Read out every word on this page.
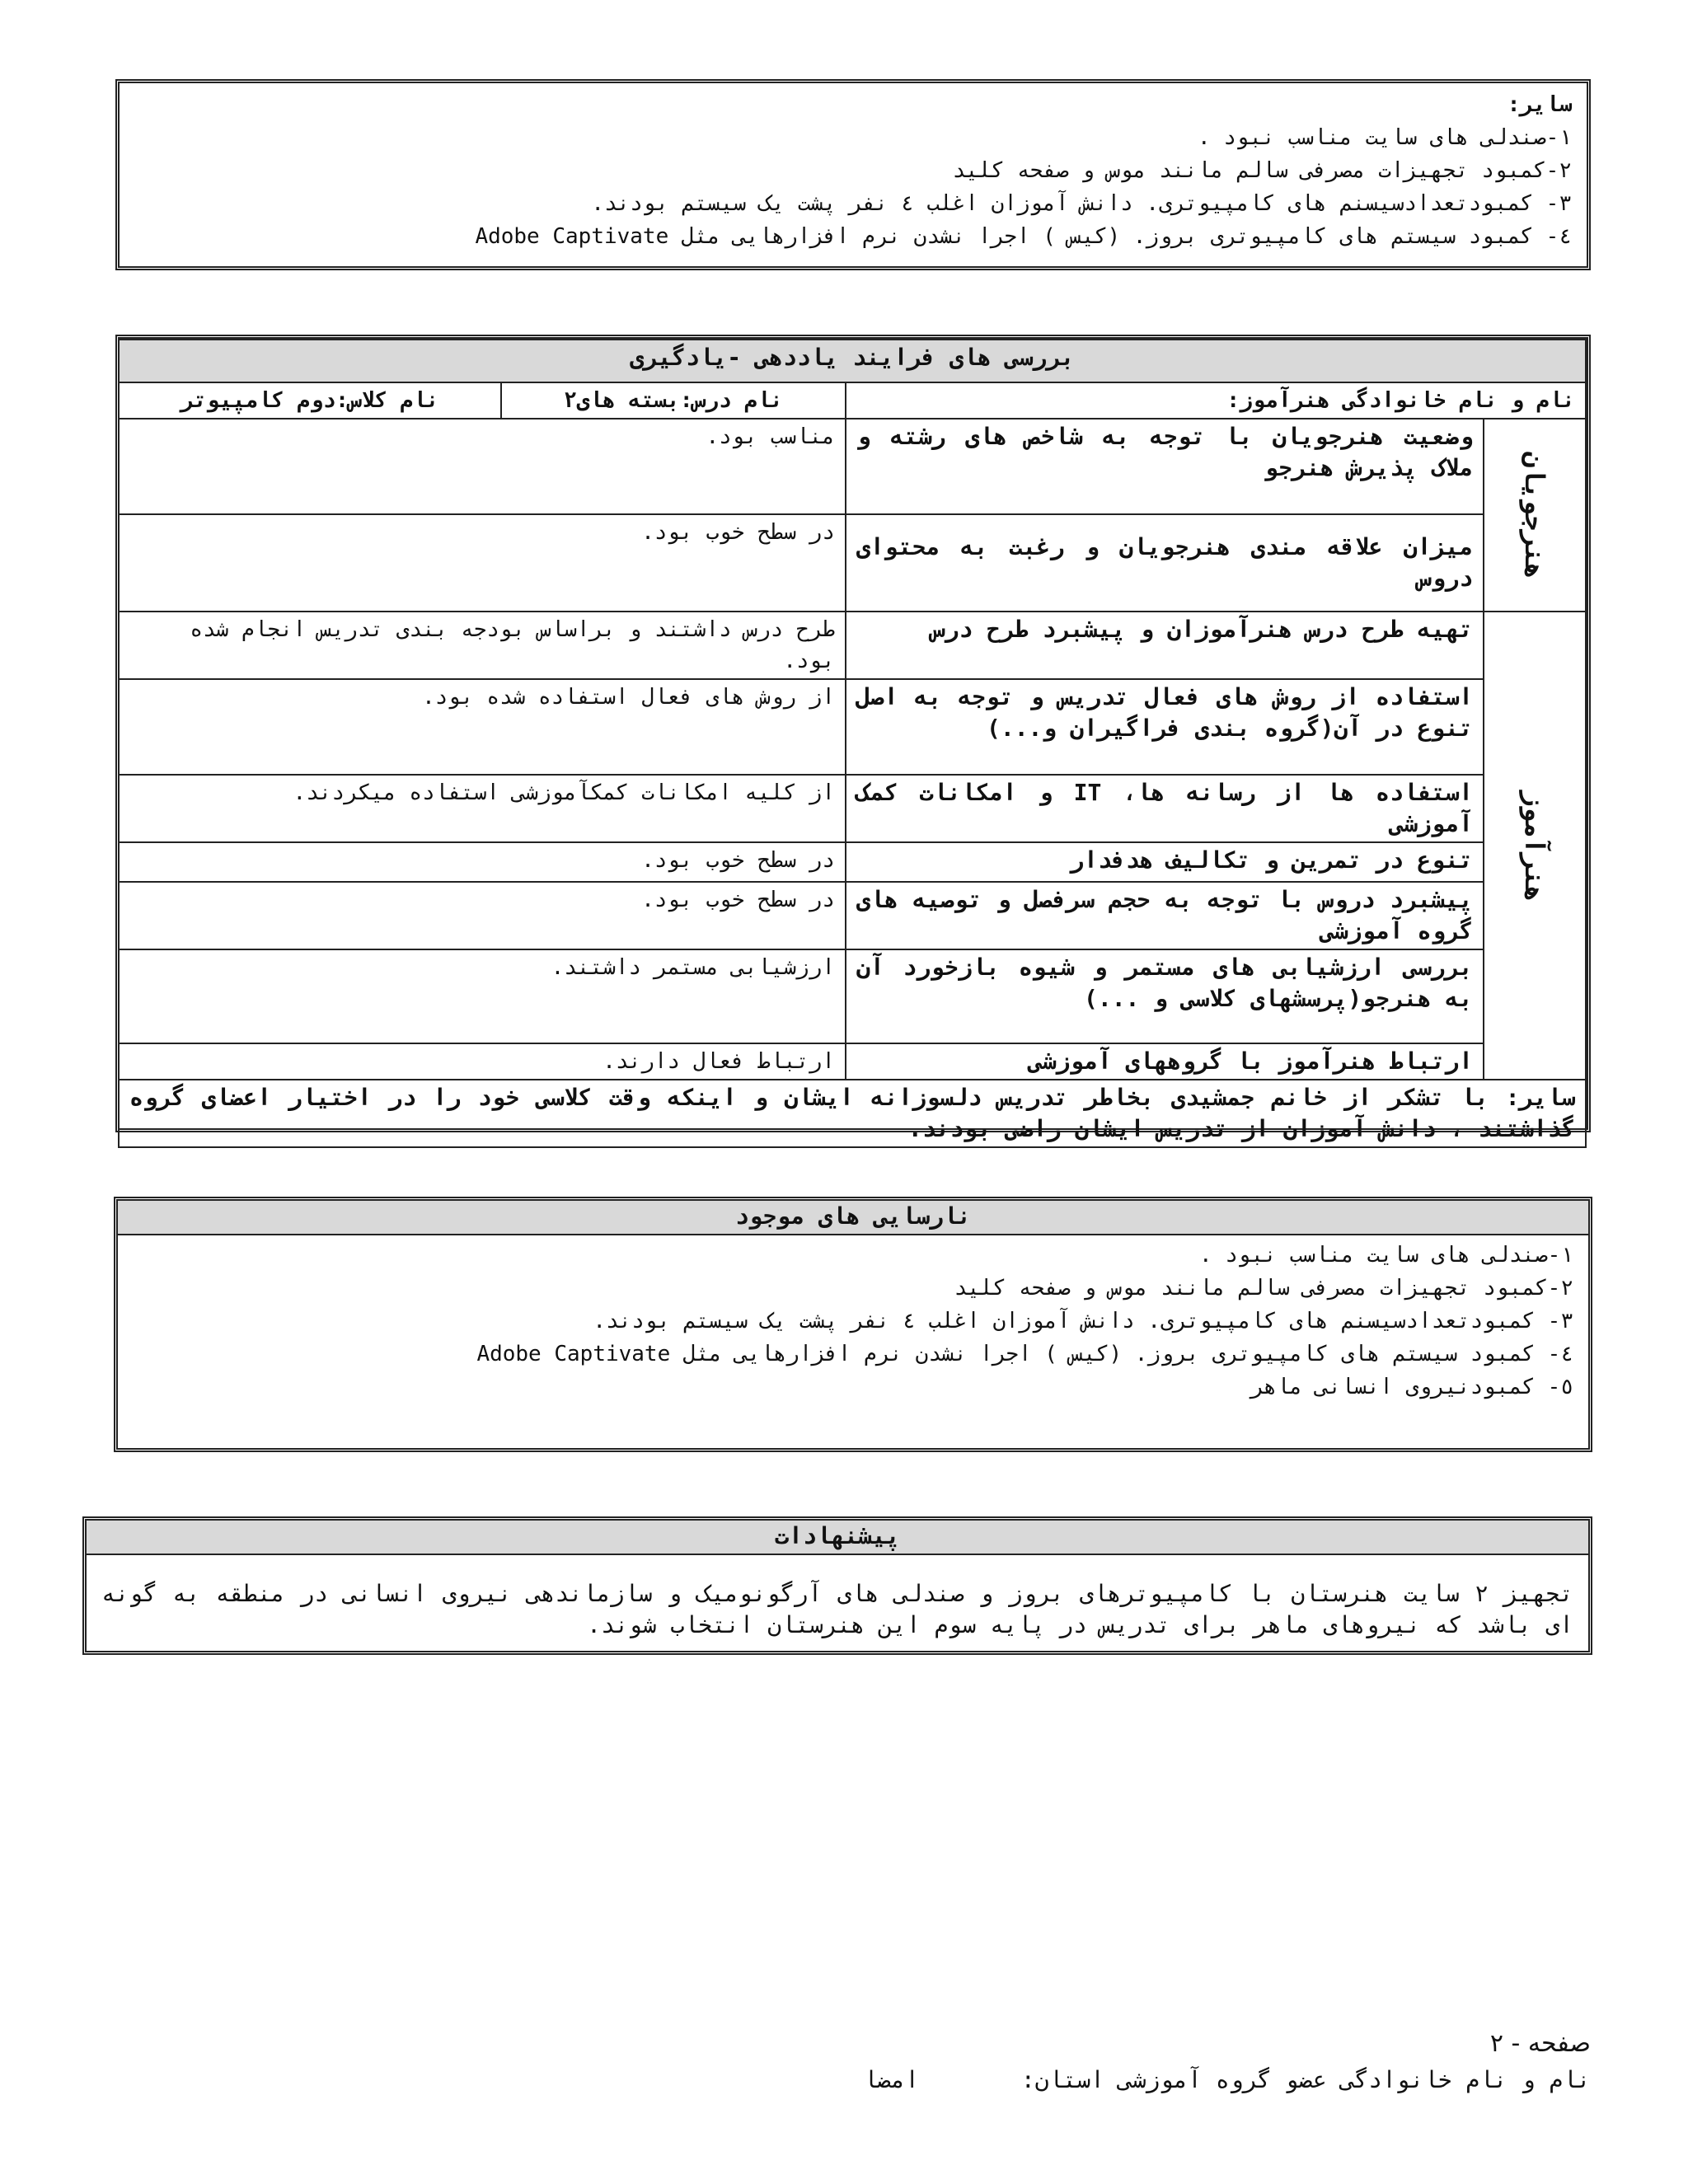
سایر:
۱-صندلی های سایت مناسب نبود .
۲-کمبود تجهیزات مصرفی سالم مانند موس و صفحه کلید
۳- کمبودتعدادسیسنم های کامپیوتری. دانش آموزان اغلب ٤ نفر پشت یک سیستم بودند.
٤- کمبود سیستم های کامپیوتری بروز. (کیس ) اجرا نشدن نرم افزارهایی مثل Adobe Captivate
بررسی های فرایند یاددهی -یادگیری			
نام و نام خانوادگی هنرآموز:		نام درس:بسته های۲	نام کلاس:دوم کامپیوتر
هنرجویان	وضعیت هنرجویان با توجه به شاخص های رشته و ملاک پذیرش هنرجو	مناسب بود.	
	میزان علاقه مندی هنرجویان و رغبت به محتوای دروس	در سطح خوب بود.	
هنرآموز	تهیه طرح درس هنرآموزان و پیشبرد طرح درس	طرح درس داشتند و براساس بودجه بندی تدریس انجام شده بود.	
	استفاده از روش های فعال تدریس و توجه به اصل تنوع در آن(گروه بندی فراگیران و...)	از روش های فعال استفاده شده بود.	
	استفاده ها از رسانه ها، IT و امکانات کمک آموزشی	از کلیه امکانات کمکآموزشی استفاده میکردند.	
	تنوع در تمرین و تکالیف هدفدار	در سطح خوب بود.	
	پیشبرد دروس با توجه به حجم سرفصل و توصیه های گروه آموزشی	در سطح خوب بود.	
	بررسی ارزشیابی های مستمر و شیوه بازخورد آن به هنرجو(پرسشهای کلاسی و ...)	ارزشیابی مستمر داشتند.	
	ارتباط هنرآموز با گروههای آموزشی	ارتباط فعال دارند.	
سایر: با تشکر از خانم جمشیدی بخاطر تدریس دلسوزانه ایشان و اینکه وقت کلاسی خود را در اختیار اعضای گروه گذاشتند ، دانش آموزان از تدریس ایشان راضی بودند.			
نارسایی های موجود
۱-صندلی های سایت مناسب نبود .
۲-کمبود تجهیزات مصرفی سالم مانند موس و صفحه کلید
۳- کمبودتعدادسیسنم های کامپیوتری. دانش آموزان اغلب ٤ نفر پشت یک سیستم بودند.
٤- کمبود سیستم های کامپیوتری بروز. (کیس ) اجرا نشدن نرم افزارهایی مثل Adobe Captivate
٥- کمبودنیروی انسانی ماهر
پیشنهادات
تجهیز ۲ سایت هنرستان با کامپیوترهای بروز و صندلی های آرگونومیک و سازماندهی نیروی انسانی در منطقه به گونه ای باشد که نیروهای ماهر برای تدریس در پایه سوم این هنرستان انتخاب شوند.
صفحه - ۲
نام و نام خانوادگی عضو گروه آموزشی استان:  امضا
